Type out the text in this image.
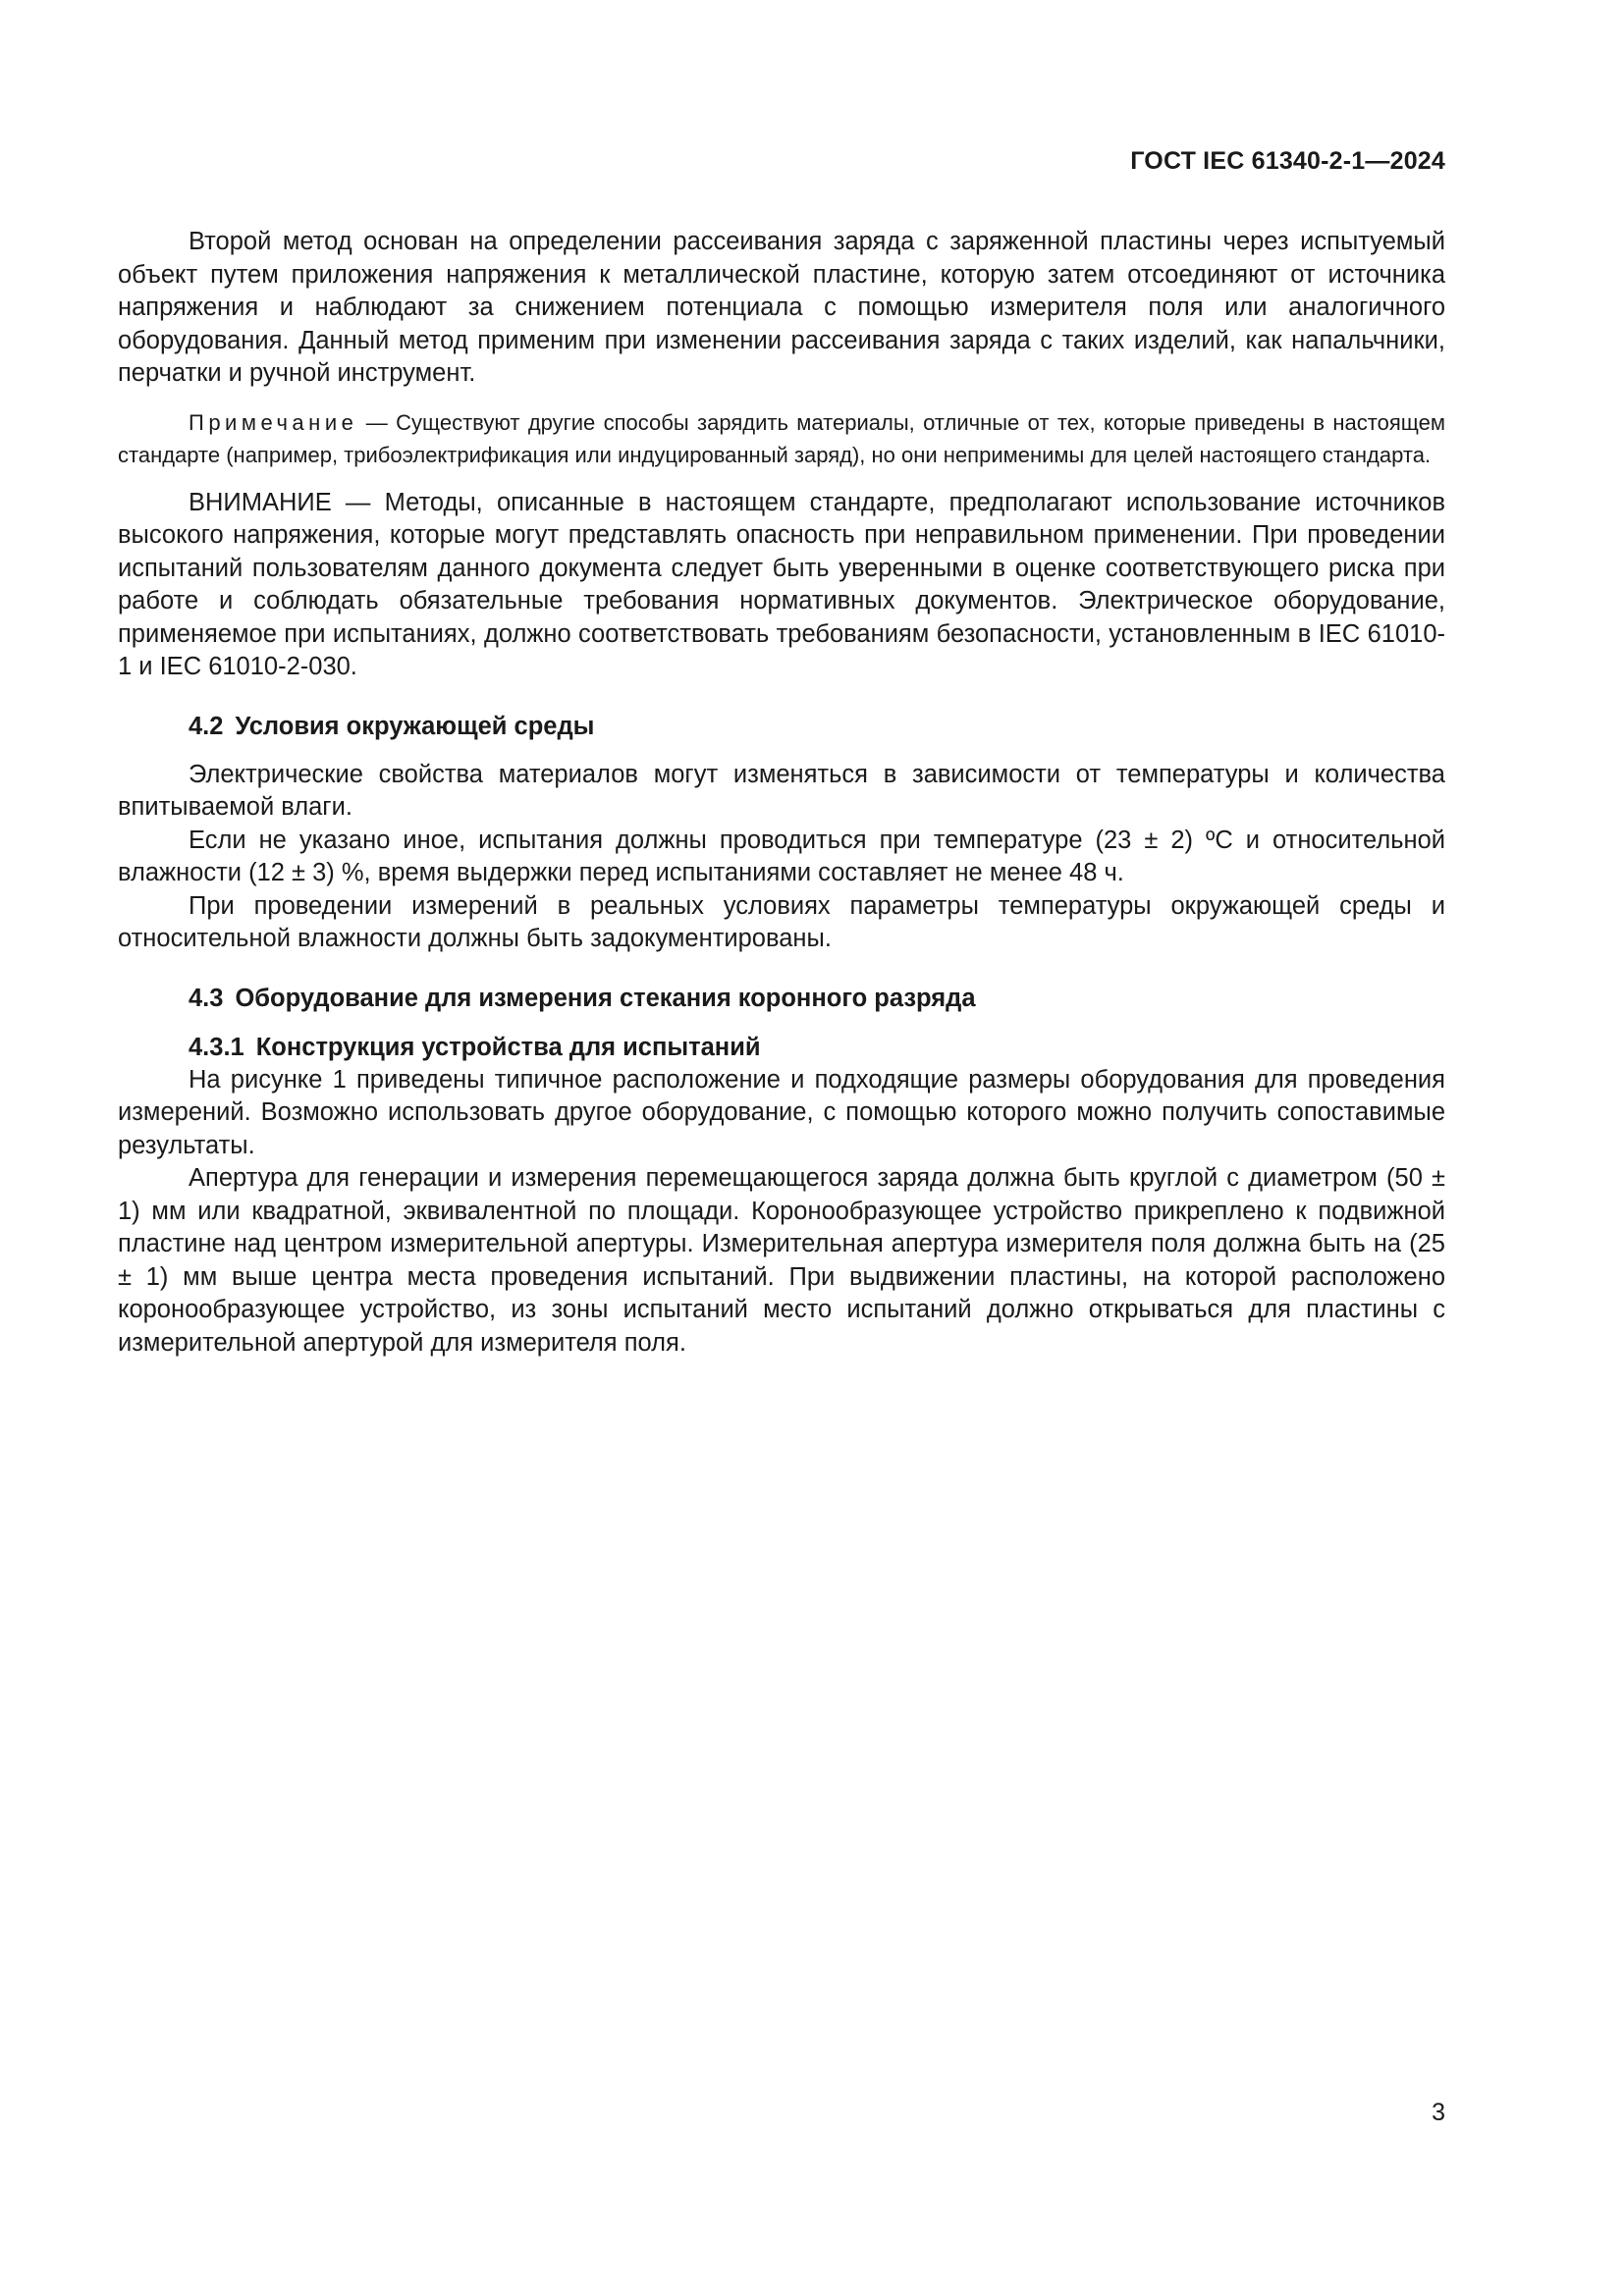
ГОСТ IEC 61340-2-1—2024

Второй метод основан на определении рассеивания заряда с заряженной пластины через испытуемый объект путем приложения напряжения к металлической пластине, которую затем отсоединяют от источника напряжения и наблюдают за снижением потенциала с помощью измерителя поля или аналогичного оборудования. Данный метод применим при изменении рассеивания заряда с таких изделий, как напальчники, перчатки и ручной инструмент.

Примечание — Существуют другие способы зарядить материалы, отличные от тех, которые приведены в настоящем стандарте (например, трибоэлектрификация или индуцированный заряд), но они неприменимы для целей настоящего стандарта.

ВНИМАНИЕ — Методы, описанные в настоящем стандарте, предполагают использование источников высокого напряжения, которые могут представлять опасность при неправильном применении. При проведении испытаний пользователям данного документа следует быть уверенными в оценке соответствующего риска при работе и соблюдать обязательные требования нормативных документов. Электрическое оборудование, применяемое при испытаниях, должно соответствовать требованиям безопасности, установленным в IEC 61010-1 и IEC 61010-2-030.

4.2 Условия окружающей среды

Электрические свойства материалов могут изменяться в зависимости от температуры и количества впитываемой влаги.

Если не указано иное, испытания должны проводиться при температуре (23 ± 2) ºС и относительной влажности (12 ± 3) %, время выдержки перед испытаниями составляет не менее 48 ч.

При проведении измерений в реальных условиях параметры температуры окружающей среды и относительной влажности должны быть задокументированы.

4.3 Оборудование для измерения стекания коронного разряда
4.3.1 Конструкция устройства для испытаний

На рисунке 1 приведены типичное расположение и подходящие размеры оборудования для проведения измерений. Возможно использовать другое оборудование, с помощью которого можно получить сопоставимые результаты.

Апертура для генерации и измерения перемещающегося заряда должна быть круглой с диаметром (50 ± 1) мм или квадратной, эквивалентной по площади. Коронообразующее устройство прикреплено к подвижной пластине над центром измерительной апертуры. Измерительная апертура измерителя поля должна быть на (25 ± 1) мм выше центра места проведения испытаний. При выдвижении пластины, на которой расположено коронообразующее устройство, из зоны испытаний место испытаний должно открываться для пластины с измерительной апертурой для измерителя поля.

3
